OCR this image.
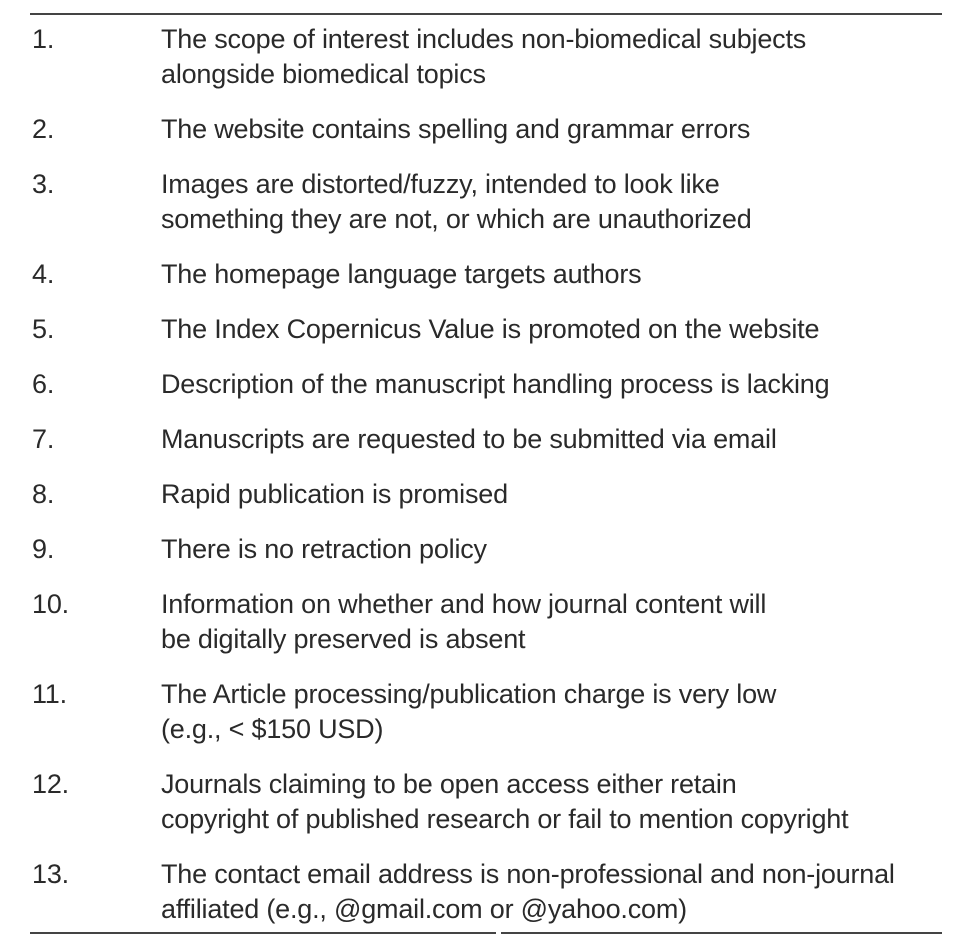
1.	The scope of interest includes non-biomedical subjects
alongside biomedical topics
2.	The website contains spelling and grammar errors
3.	Images are distorted/fuzzy, intended to look like
something they are not, or which are unauthorized
4.	The homepage language targets authors
5.	The Index Copernicus Value is promoted on the website
6.	Description of the manuscript handling process is lacking
7.	Manuscripts are requested to be submitted via email
8.	Rapid publication is promised
9.	There is no retraction policy
10.	Information on whether and how journal content will
be digitally preserved is absent
11.	The Article processing/publication charge is very low
(e.g., < $150 USD)
12.	Journals claiming to be open access either retain
copyright of published research or fail to mention copyright
13.	The contact email address is non-professional and non-journal
affiliated (e.g., @gmail.com or @yahoo.com)
